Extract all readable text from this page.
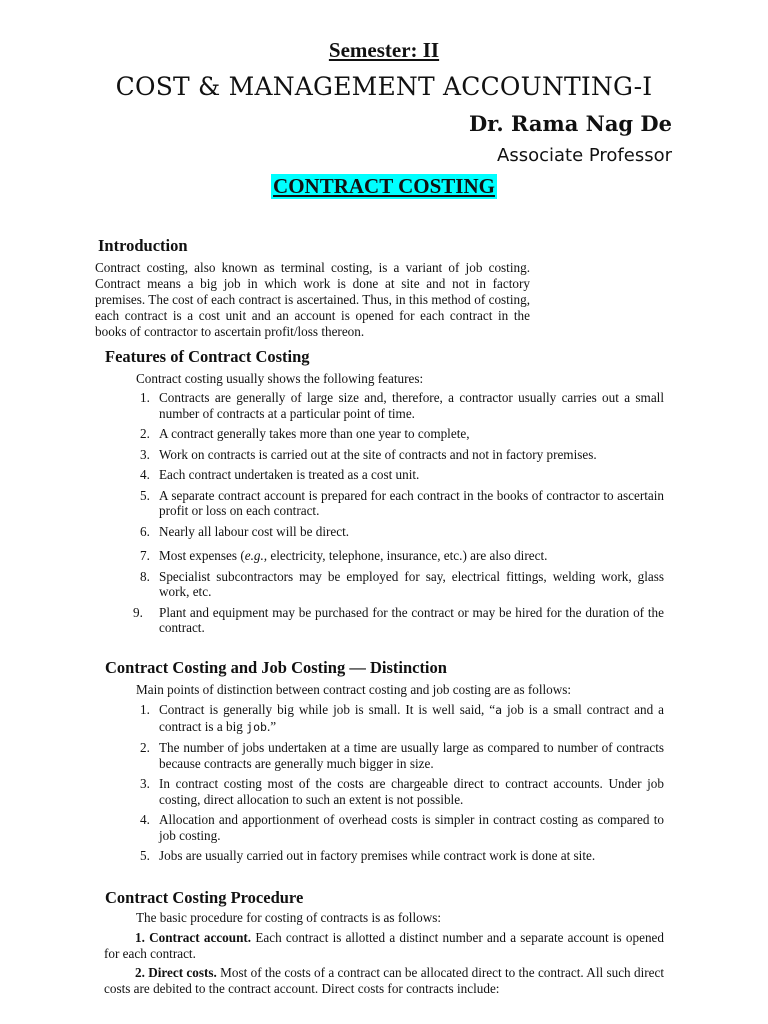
Semester: II
COST & MANAGEMENT ACCOUNTING-I
Dr. Rama Nag De
Associate Professor
CONTRACT COSTING
Introduction
Contract costing, also known as terminal costing, is a variant of job costing. Contract means a big job in which work is done at site and not in factory premises. The cost of each contract is ascertained. Thus, in this method of costing, each contract is a cost unit and an account is opened for each contract in the books of contractor to ascertain profit/loss thereon.
Features of Contract Costing
Contract costing usually shows the following features:
1. Contracts are generally of large size and, therefore, a contractor usually carries out a small number of contracts at a particular point of time.
2. A contract generally takes more than one year to complete,
3. Work on contracts is carried out at the site of contracts and not in factory premises.
4. Each contract undertaken is treated as a cost unit.
5. A separate contract account is prepared for each contract in the books of contractor to ascertain profit or loss on each contract.
6. Nearly all labour cost will be direct.
7. Most expenses (e.g., electricity, telephone, insurance, etc.) are also direct.
8. Specialist subcontractors may be employed for say, electrical fittings, welding work, glass work, etc.
9. Plant and equipment may be purchased for the contract or may be hired for the duration of the contract.
Contract Costing and Job Costing — Distinction
Main points of distinction between contract costing and job costing are as follows:
1. Contract is generally big while job is small. It is well said, “a job is a small contract and a contract is a big job.”
2. The number of jobs undertaken at a time are usually large as compared to number of contracts because contracts are generally much bigger in size.
3. In contract costing most of the costs are chargeable direct to contract accounts. Under job costing, direct allocation to such an extent is not possible.
4. Allocation and apportionment of overhead costs is simpler in contract costing as compared to job costing.
5. Jobs are usually carried out in factory premises while contract work is done at site.
Contract Costing Procedure
The basic procedure for costing of contracts is as follows:
1. Contract account. Each contract is allotted a distinct number and a separate account is opened for each contract.
2. Direct costs. Most of the costs of a contract can be allocated direct to the contract. All such direct costs are debited to the contract account. Direct costs for contracts include:
